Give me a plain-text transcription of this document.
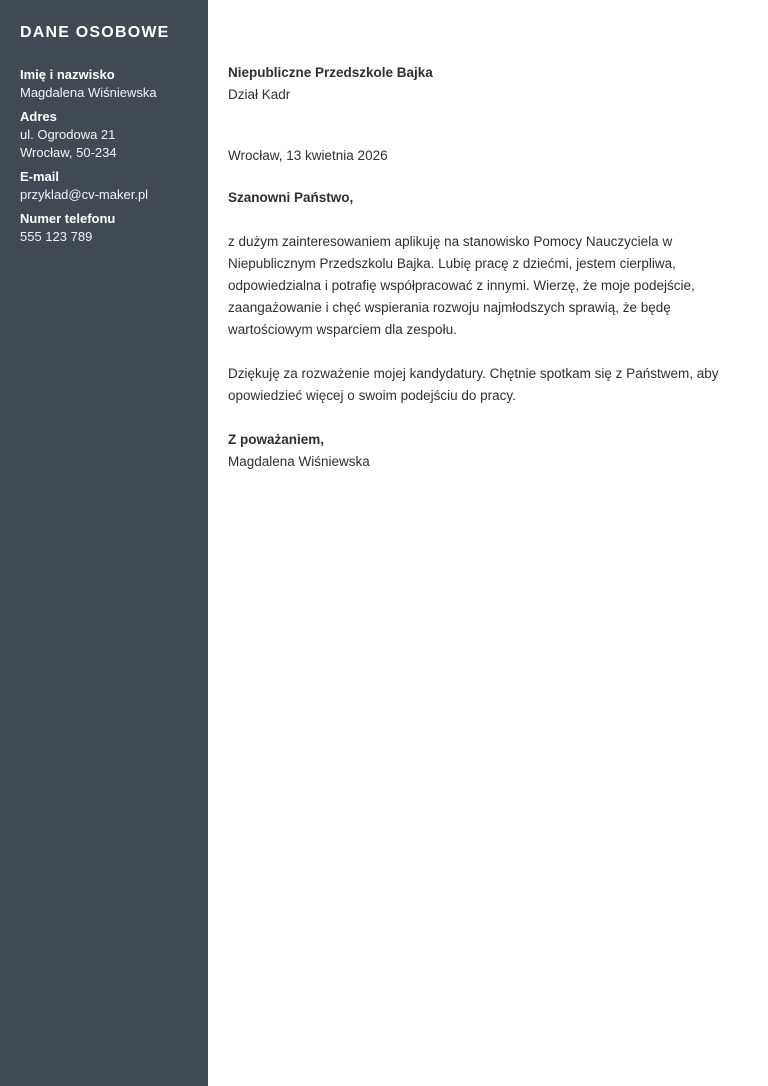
DANE OSOBOWE
Imię i nazwisko
Magdalena Wiśniewska
Adres
ul. Ogrodowa 21
Wrocław, 50-234
E-mail
przyklad@cv-maker.pl
Numer telefonu
555 123 789
Niepubliczne Przedszkole Bajka
Dział Kadr
Wrocław, 13 kwietnia 2026
Szanowni Państwo,

z dużym zainteresowaniem aplikuję na stanowisko Pomocy Nauczyciela w Niepublicznym Przedszkolu Bajka. Lubię pracę z dziećmi, jestem cierpliwa, odpowiedzialna i potrafię współpracować z innymi. Wierzę, że moje podejście, zaangażowanie i chęć wspierania rozwoju najmłodszych sprawią, że będę wartościowym wsparciem dla zespołu.

Dziękuję za rozważenie mojej kandydatury. Chętnie spotkam się z Państwem, aby opowiedzieć więcej o swoim podejściu do pracy.

Z poważaniem,
Magdalena Wiśniewska
